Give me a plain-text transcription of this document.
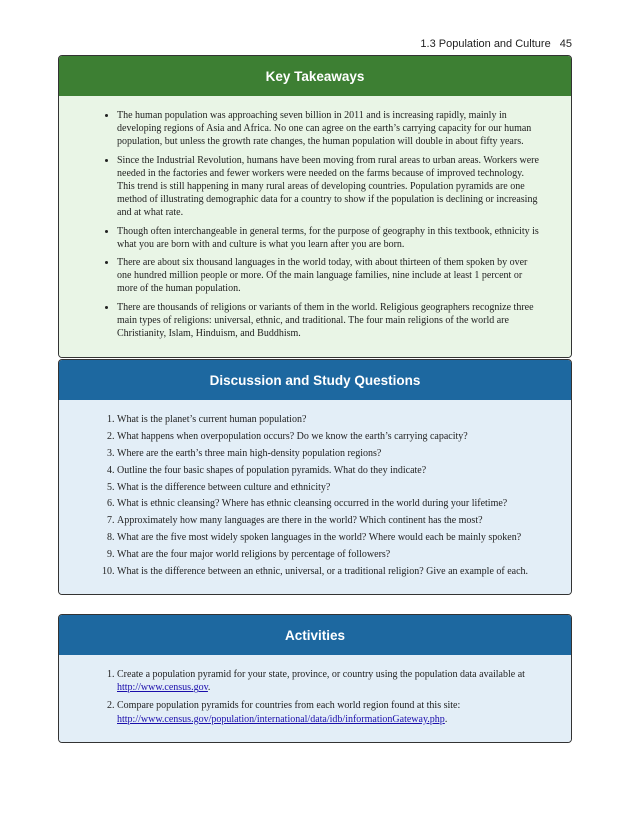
1.3 Population and Culture 45
Key Takeaways
• The human population was approaching seven billion in 2011 and is increasing rapidly, mainly in developing regions of Asia and Africa. No one can agree on the earth’s carrying capacity for our human population, but unless the growth rate changes, the human population will double in about fifty years.
• Since the Industrial Revolution, humans have been moving from rural areas to urban areas. Workers were needed in the factories and fewer workers were needed on the farms because of improved technology. This trend is still happening in many rural areas of developing countries. Population pyramids are one method of illustrating demographic data for a country to show if the population is declining or increasing and at what rate.
• Though often interchangeable in general terms, for the purpose of geography in this textbook, ethnicity is what you are born with and culture is what you learn after you are born.
• There are about six thousand languages in the world today, with about thirteen of them spoken by over one hundred million people or more. Of the main language families, nine include at least 1 percent or more of the human population.
• There are thousands of religions or variants of them in the world. Religious geographers recognize three main types of religions: universal, ethnic, and traditional. The four main religions of the world are Christianity, Islam, Hinduism, and Buddhism.
Discussion and Study Questions
1. What is the planet’s current human population?
2. What happens when overpopulation occurs? Do we know the earth’s carrying capacity?
3. Where are the earth’s three main high-density population regions?
4. Outline the four basic shapes of population pyramids. What do they indicate?
5. What is the difference between culture and ethnicity?
6. What is ethnic cleansing? Where has ethnic cleansing occurred in the world during your lifetime?
7. Approximately how many languages are there in the world? Which continent has the most?
8. What are the five most widely spoken languages in the world? Where would each be mainly spoken?
9. What are the four major world religions by percentage of followers?
10. What is the difference between an ethnic, universal, or a traditional religion? Give an example of each.
Activities
1. Create a population pyramid for your state, province, or country using the population data available at http://www.census.gov.
2. Compare population pyramids for countries from each world region found at this site: http://www.census.gov/population/international/data/idb/informationGateway.php.
